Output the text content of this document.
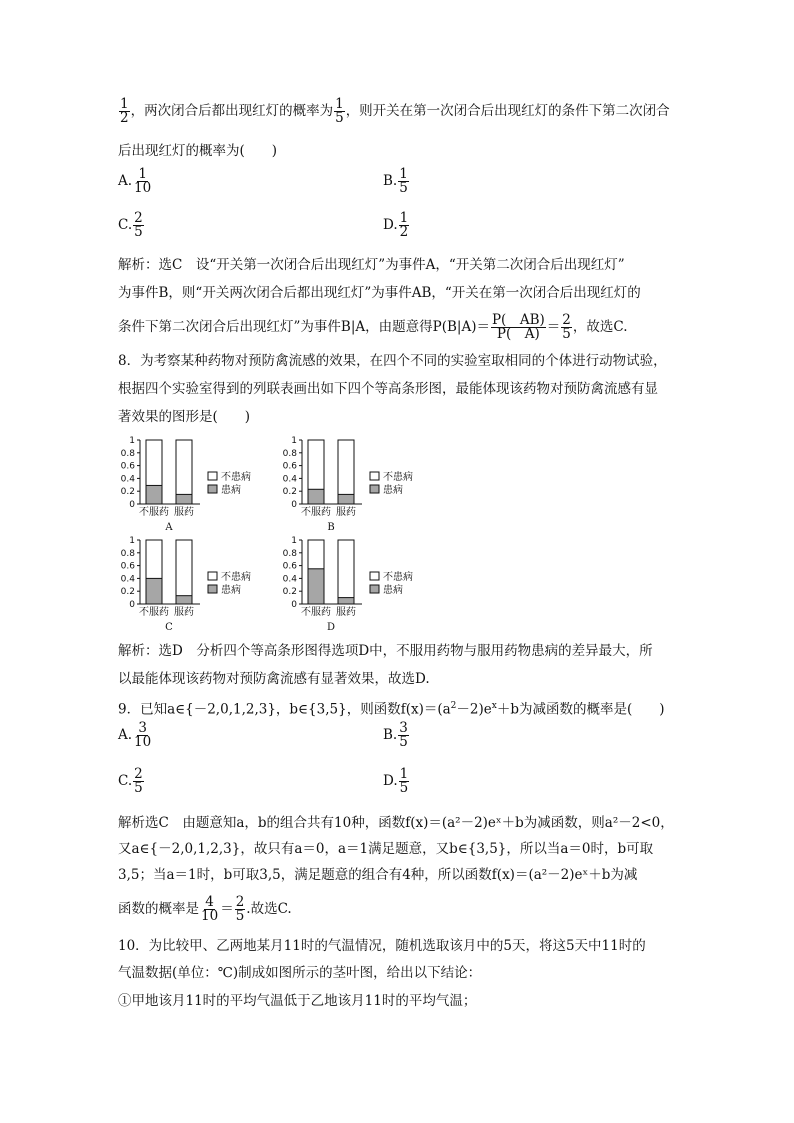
$\frac{1}{2}$ ，两次闭合后都出现红灯的概率为 $\frac{1}{5}$ ，则开关在第一次闭合后出现红灯的条件下第二次闭合
后出现红灯的概率为(　　)
A. $\frac{1}{10}$	B. $\frac{1}{5}$
C. $\frac{2}{5}$	D. $\frac{1}{2}$
解析：选C　设“开关第一次闭合后出现红灯”为事件A，“开关第二次闭合后出现红灯”
为事件B，则“开关两次闭合后都出现红灯”为事件AB，“开关在第一次闭合后出现红灯的
条件下第二次闭合后出现红灯”为事件B|A，由题意得$P(B|A)= \frac{P( AB)}{P( A)} = \frac{2}{5}$ ，故选C.
8．为考察某种药物对预防禽流感的效果，在四个不同的实验室取相同的个体进行动物试验，
根据四个实验室得到的列联表画出如下四个等高条形图，最能体现该药物对预防禽流感有显
著效果的图形是(　　)
1
0.8
0.6
0.4
0.2
0
不服药 服药
A
不患病
患病
1
0.8
0.6
0.4
0.2
0
不服药 服药
B
不患病
患病
1
0.8
0.6
0.4
0.2
0
不服药 服药
C
不患病
患病
1
0.8
0.6
0.4
0.2
0
不服药 服药
D
不患病
患病
解析：选D　分析四个等高条形图得选项D中，不服用药物与服用药物患病的差异最大，所
以最能体现该药物对预防禽流感有显著效果，故选D.
9．已知a∈{－2,0,1,2,3}，b∈{3,5}，则函数$f(x)=(a^2-2)e^x+b$为减函数的概率是(　　)
A. $\frac{3}{10}$	B. $\frac{3}{5}$
C. $\frac{2}{5}$	D. $\frac{1}{5}$
解析选C　由题意知a，b的组合共有10种，函数f(x)＝(a²－2)eˣ＋b为减函数，则a²－2<0，
又a∈{－2,0,1,2,3}，故只有a＝0，a＝1满足题意，又b∈{3,5}，所以当a＝0时，b可取
3,5；当a＝1时，b可取3,5，满足题意的组合有4种，所以函数f(x)＝(a²－2)eˣ＋b为减
函数的概率是 $\frac{4}{10} = \frac{2}{5}$ .故选C.
10．为比较甲、乙两地某月11时的气温情况，随机选取该月中的5天，将这5天中11时的
气温数据(单位：℃)制成如图所示的茎叶图，给出以下结论：
①甲地该月11时的平均气温低于乙地该月11时的平均气温；
